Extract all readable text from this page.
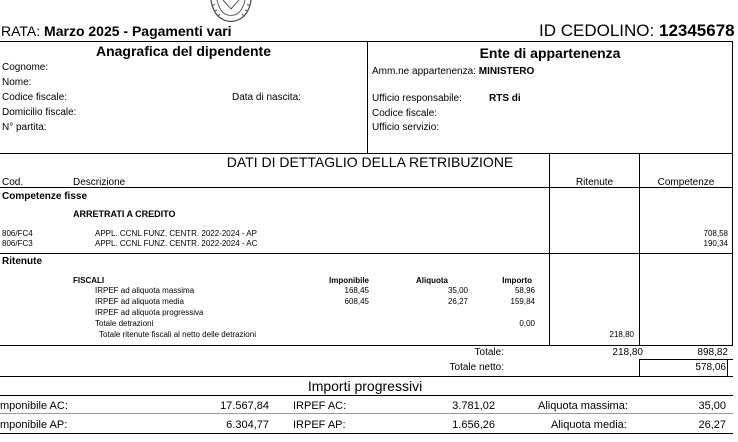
RATA: Marzo 2025 - Pagamenti vari	ID CEDOLINO: 12345678
Anagrafica del dipendente
Cognome:
Nome:
Codice fiscale:	Data di nascita:
Domicilio fiscale:
N° partita:
Ente di appartenenza
Amm.ne appartenenza: MINISTERO
Ufficio responsabile:	RTS di
Codice fiscale:
Ufficio servizio:
DATI DI DETTAGLIO DELLA RETRIBUZIONE
Cod.	Descrizione	Ritenute	Competenze
Competenze fisse
ARRETRATI A CREDITO
806/FC4	APPL. CCNL FUNZ. CENTR. 2022-2024 - AP	708,58
806/FC3	APPL. CCNL FUNZ. CENTR. 2022-2024 - AC	190,34
Ritenute
FISCALI	Imponibile	Aliquota	Importo
IRPEF ad aliquota massima	168,45	35,00	58,96
IRPEF ad aliquota media	608,45	26,27	159,84
IRPEF ad aliquota progressiva
Totale detrazioni	0,00
Totale ritenute fiscali al netto delle detrazioni	218,80
Totale:	218,80	898,82
Totale netto:	578,06
Importi progressivi
mponibile AC:	17.567,84 IRPEF AC:	3.781,02	Aliquota massima:	35,00
mponibile AP:	6.304,77 IRPEF AP:	1.656,26	Aliquota media:	26,27
